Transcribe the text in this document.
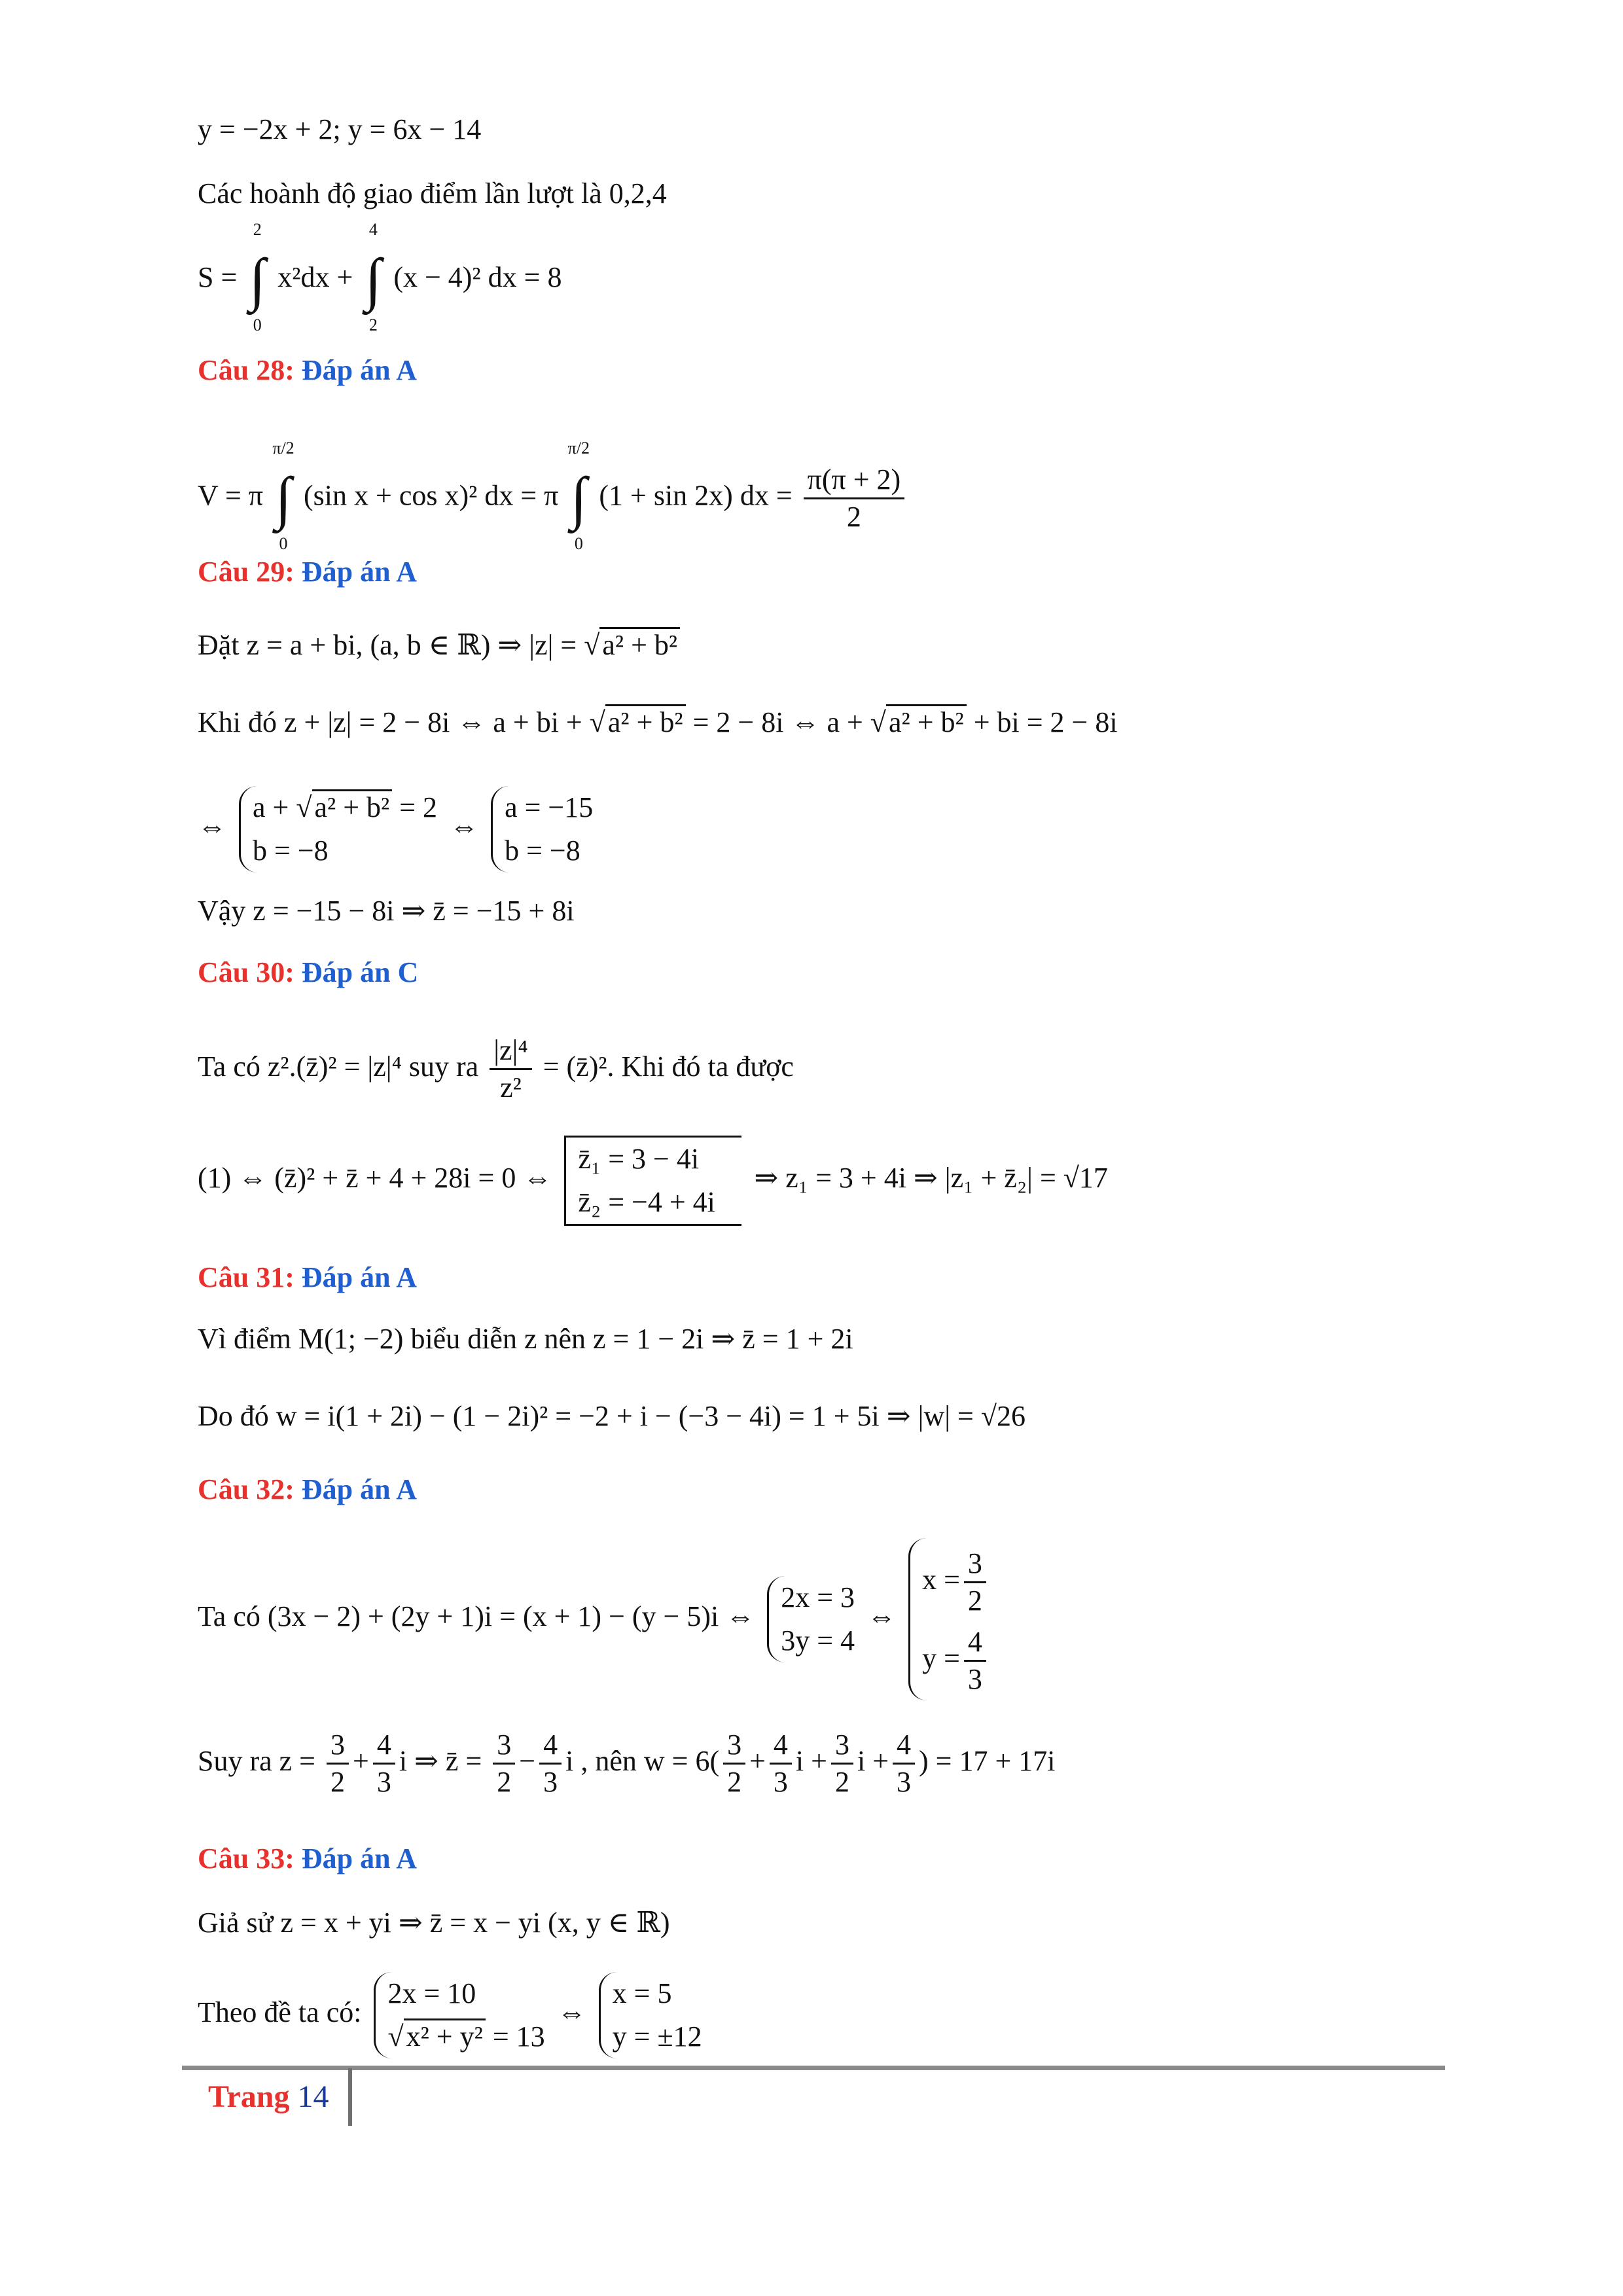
y = −2x + 2; y = 6x − 14
Các hoành độ giao điểm lần lượt là 0,2,4
S = ∫
2
0
x²dx + ∫
4
2
(x − 4)² dx = 8
Câu 28: Đáp án A
V = π ∫
π/2
0
(sin x + cos x)² dx = π ∫
π/2
0
(1 + sin 2x) dx = $\frac{\pi(\pi + 2)}{2}$
Câu 29: Đáp án A
Đặt z = a + bi, (a, b ∈ ℝ) ⇒ |z| = √a² + b²
Khi đó z + |z| = 2 − 8i ⇔ a + bi + √a² + b² = 2 − 8i ⇔ a + √a² + b² + bi = 2 − 8i
⇔
a + √a² + b² = 2
b = −8
⇔
a = −15
b = −8
Vậy z = −15 − 8i ⇒ z̄ = −15 + 8i
Câu 30: Đáp án C
Ta có z².(z̄)² = |z|⁴ suy ra $\frac{\text{|z|⁴}}{\text{z²}}$ = (z̄)². Khi đó ta được
(1) ⇔ (z̄)² + z̄ + 4 + 28i = 0 ⇔
z̄₁ = 3 − 4i
z̄₂ = −4 + 4i
⇒ z₁ = 3 + 4i ⇒ |z₁ + z̄₂| = √17
Câu 31: Đáp án A
Vì điểm M(1; −2) biểu diễn z nên z = 1 − 2i ⇒ z̄ = 1 + 2i
Do đó w = i(1 + 2i) − (1 − 2i)² = −2 + i − (−3 − 4i) = 1 + 5i ⇒ |w| = √26
Câu 32: Đáp án A
Ta có (3x − 2) + (2y + 1)i = (x + 1) − (y − 5)i ⇔
2x = 3
3y = 4
⇔
$x = \frac{3}{2}$
$y = \frac{4}{3}$
Suy ra $z = \frac{3}{2} + \frac{4}{3}$ i ⇒ z̄ = $\frac{3}{2} - \frac{4}{3}$ i , nên $w = 6( \frac{3}{2} + \frac{4}{3}$ $i + \frac{3}{2}$ $i + \frac{4}{3}$ ) = 17 + 17i
Câu 33: Đáp án A
Giả sử z = x + yi ⇒ z̄ = x − yi (x, y ∈ ℝ)
Theo đề ta có:
2x = 10
√x² + y² = 13
⇔
x = 5
y = ±12
Trang 14
